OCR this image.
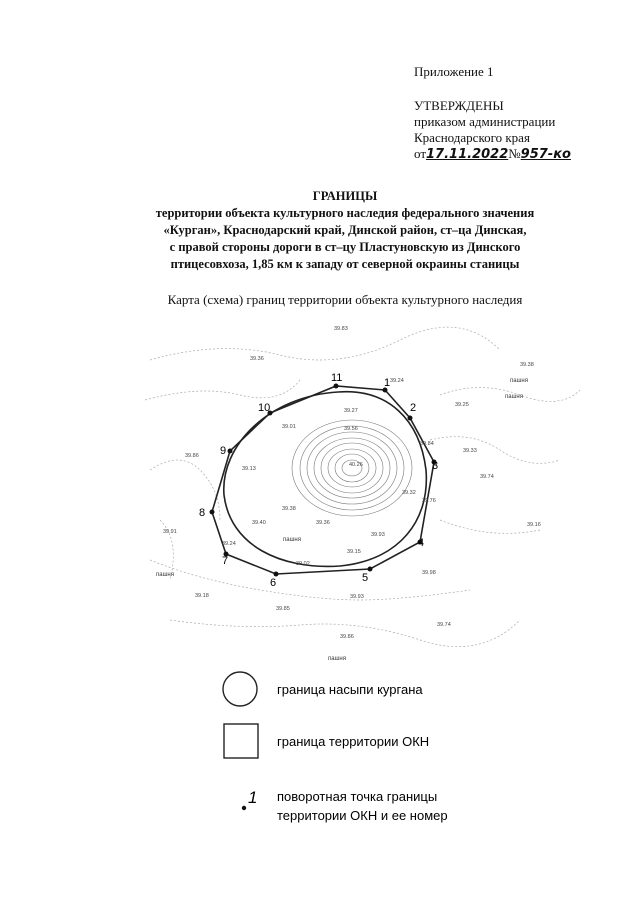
Приложение 1
УТВЕРЖДЕНЫ
приказом администрации
Краснодарского края
от17.11.2022№957-ко
ГРАНИЦЫ
территории объекта культурного наследия федерального значения
«Курган», Краснодарский край, Динской район, ст–ца Динская,
с правой стороны дороги в ст–цу Пластуновскую из Динского
птицесовхоза, 1,85 км к западу от северной окраины станицы
Карта (схема) границ территории объекта культурного наследия
1
2
3
4
5
6
7
8
9
10
11
39.83
39.36
39.38
39.24
39.25
39.27
39.56
39.01
39.84
39.33
39.86
39.13
40.26
39.32
39.76
39.38
39.40	39.36
39.74
39.91
39.16
39.15
39.93
39.24
39.02
39.98
39.18
39.85
39.93
39.86
39.74
пашня
пашня
пашня
пашня
пашня
граница насыпи кургана
граница территории ОКН
1 поворотная точка границы
территории ОКН и ее номер
